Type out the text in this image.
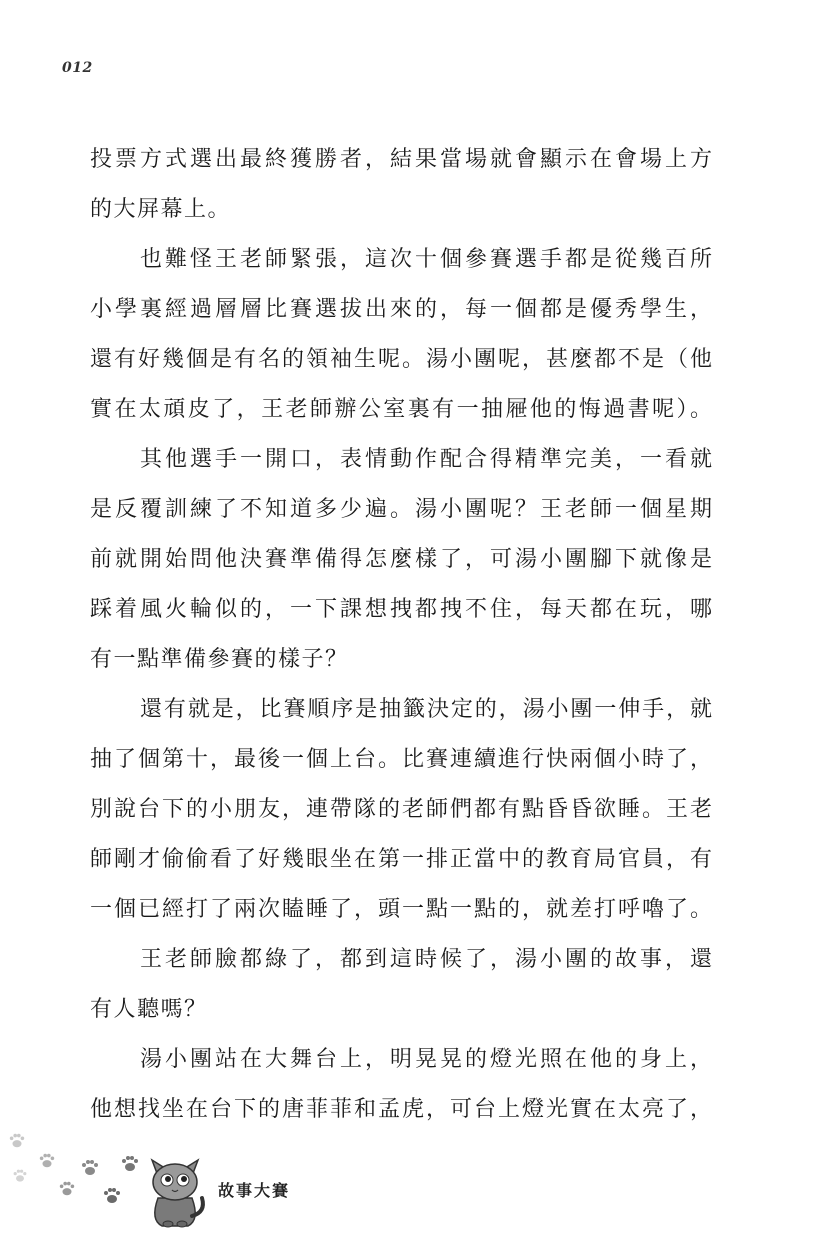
012
投票方式選出最終獲勝者，結果當場就會顯示在會場上方
的大屏幕上。
也難怪王老師緊張，這次十個參賽選手都是從幾百所
小學裏經過層層比賽選拔出來的，每一個都是優秀學生，
還有好幾個是有名的領袖生呢。湯小團呢，甚麼都不是（他
實在太頑皮了，王老師辦公室裏有一抽屜他的悔過書呢）。
其他選手一開口，表情動作配合得精準完美，一看就
是反覆訓練了不知道多少遍。湯小團呢？王老師一個星期
前就開始問他決賽準備得怎麼樣了，可湯小團腳下就像是
踩着風火輪似的，一下課想拽都拽不住，每天都在玩，哪
有一點準備參賽的樣子？
還有就是，比賽順序是抽籤決定的，湯小團一伸手，就
抽了個第十，最後一個上台。比賽連續進行快兩個小時了，
別說台下的小朋友，連帶隊的老師們都有點昏昏欲睡。王老
師剛才偷偷看了好幾眼坐在第一排正當中的教育局官員，有
一個已經打了兩次瞌睡了，頭一點一點的，就差打呼嚕了。
王老師臉都綠了，都到這時候了，湯小團的故事，還
有人聽嗎？
湯小團站在大舞台上，明晃晃的燈光照在他的身上，
他想找坐在台下的唐菲菲和孟虎，可台上燈光實在太亮了，
故事大賽
